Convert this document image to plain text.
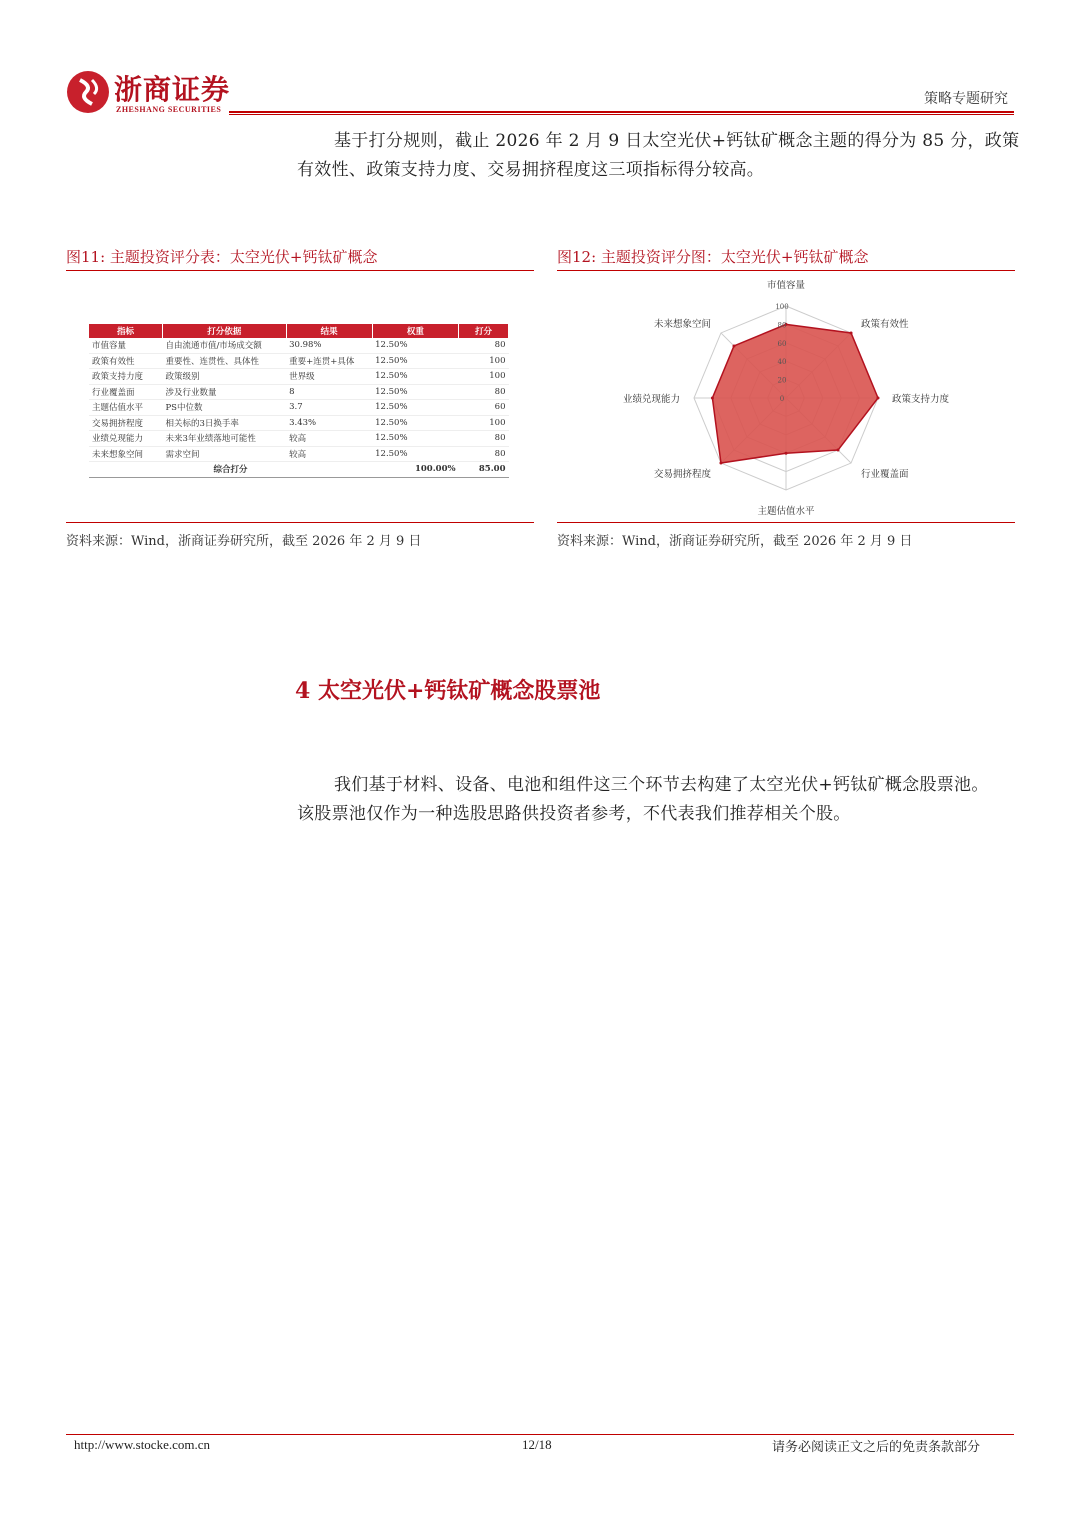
浙商证券
ZHESHANG SECURITIES
策略专题研究
基于打分规则，截止 2026 年 2 月 9 日太空光伏+钙钛矿概念主题的得分为 85 分，政策
有效性、政策支持力度、交易拥挤程度这三项指标得分较高。
图11: 主题投资评分表：太空光伏+钙钛矿概念
指标	打分依据	结果	权重	打分
市值容量	自由流通市值/市场成交额	30.98%	12.50%	80
政策有效性	重要性、连贯性、具体性	重要+连贯+具体	12.50%	100
政策支持力度	政策级别	世界级	12.50%	100
行业覆盖面	涉及行业数量	8	12.50%	80
主题估值水平	PS中位数	3.7	12.50%	60
交易拥挤程度	相关标的3日换手率	3.43%	12.50%	100
业绩兑现能力	未来3年业绩落地可能性	较高	12.50%	80
未来想象空间	需求空间	较高	12.50%	80
综合打分			100.00%	85.00
资料来源：Wind，浙商证券研究所，截至 2026 年 2 月 9 日
图12: 主题投资评分图：太空光伏+钙钛矿概念
0
20
40
60
80
100
市值容量
政策有效性
政策支持力度
行业覆盖面
主题估值水平
交易拥挤程度
业绩兑现能力
未来想象空间
资料来源：Wind，浙商证券研究所，截至 2026 年 2 月 9 日
4 太空光伏+钙钛矿概念股票池
我们基于材料、设备、电池和组件这三个环节去构建了太空光伏+钙钛矿概念股票池。
该股票池仅作为一种选股思路供投资者参考，不代表我们推荐相关个股。
http://www.stocke.com.cn	12/18	请务必阅读正文之后的免责条款部分
